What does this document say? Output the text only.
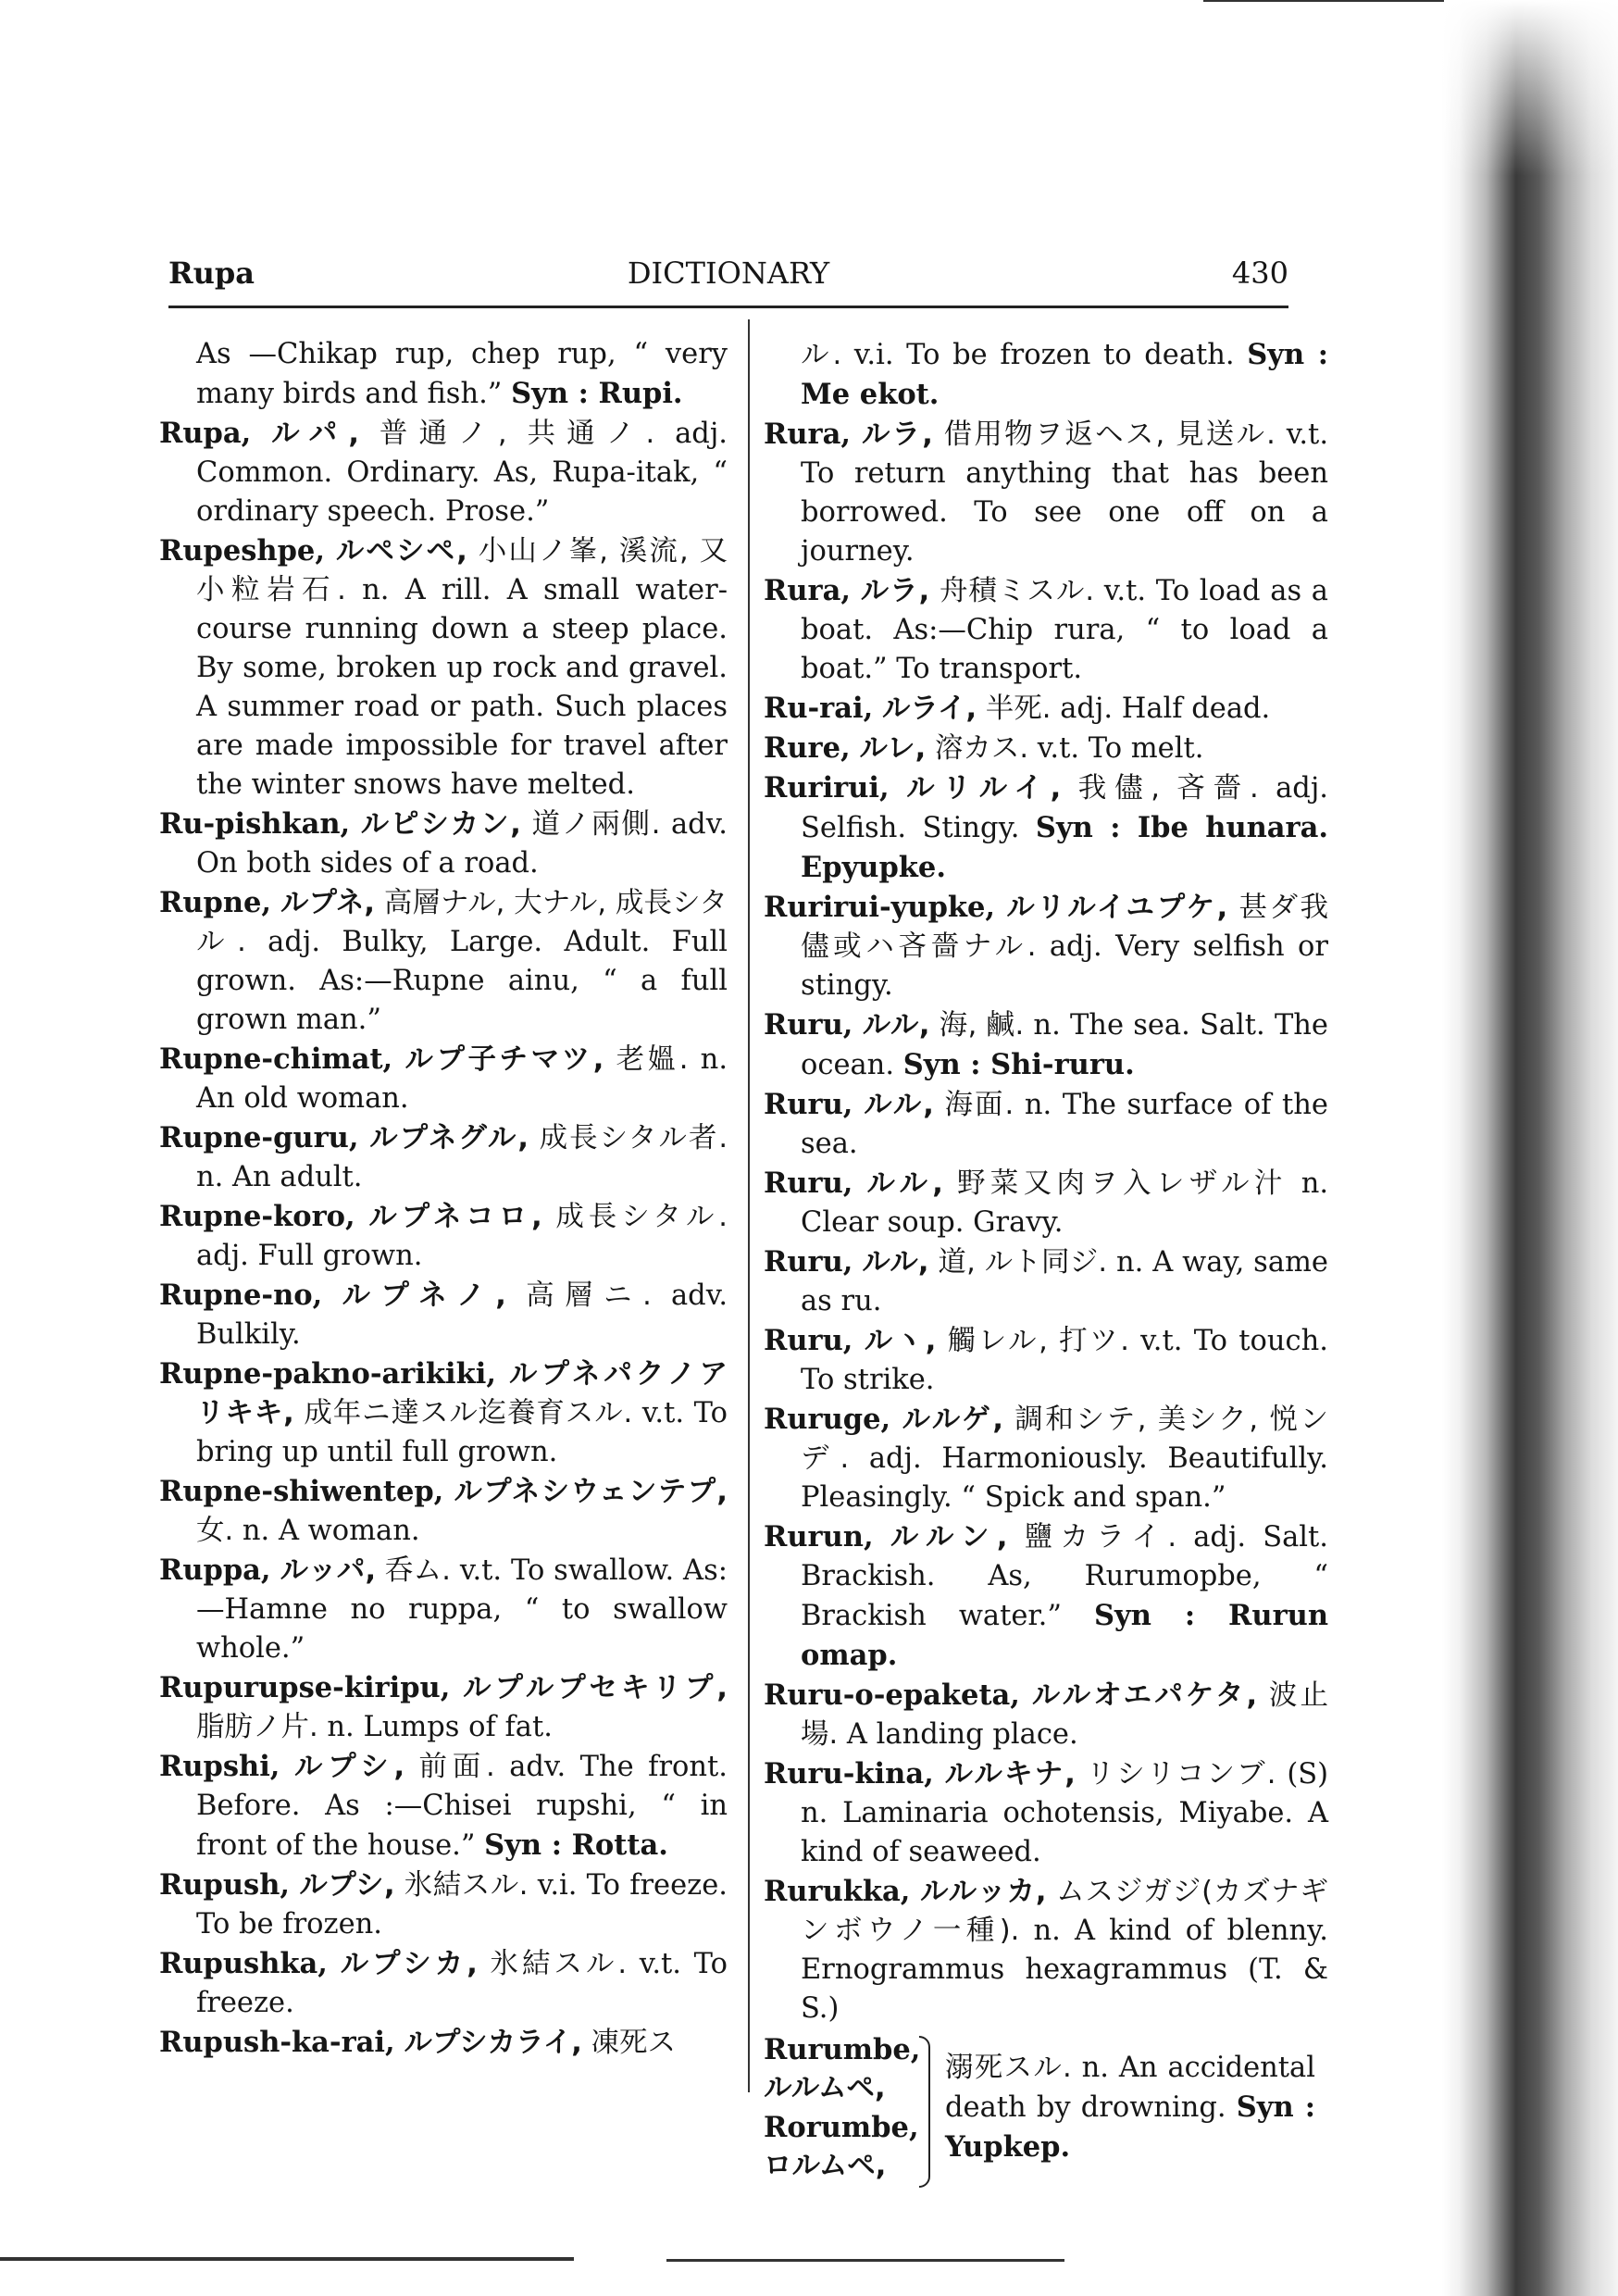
Rupa	DICTIONARY	430

As —Chikap rup, chep rup, “ very many birds and fish.” Syn : Rupi.

Rupa, ルパ, 普通ノ, 共通ノ. adj. Common. Ordinary. As, Rupa-itak, “ ordinary speech. Prose.”

Rupeshpe, ルペシペ, 小山ノ峯, 溪流, 又小粒岩石. n. A rill. A small water-course running down a steep place. By some, broken up rock and gravel. A summer road or path. Such places are made impossible for travel after the winter snows have melted.

Ru-pishkan, ルピシカン, 道ノ兩側. adv. On both sides of a road.

Rupne, ルプネ, 高層ナル, 大ナル, 成長シタル. adj. Bulky, Large. Adult. Full grown. As:—Rupne ainu, “ a full grown man.”

Rupne-chimat, ルプ子チマツ, 老媼. n. An old woman.

Rupne-guru, ルプネグル, 成長シタル者. n. An adult.

Rupne-koro, ルプネコロ, 成長シタル. adj. Full grown.

Rupne-no, ルプネノ, 高層ニ. adv. Bulkily.

Rupne-pakno-arikiki, ルプネパクノアリキキ, 成年ニ達スル迄養育スル. v.t. To bring up until full grown.

Rupne-shiwentep, ルプネシウェンテプ, 女. n. A woman.

Ruppa, ルッパ, 呑ム. v.t. To swallow. As:—Hamne no ruppa, “ to swallow whole.”

Rupurupse-kiripu, ルプルプセキリプ, 脂肪ノ片. n. Lumps of fat.

Rupshi, ルプシ, 前面. adv. The front. Before. As :—Chisei rupshi, “ in front of the house.” Syn : Rotta.

Rupush, ルプシ, 氷結スル. v.i. To freeze. To be frozen.

Rupushka, ルプシカ, 氷結スル. v.t. To freeze.

Rupush-ka-rai, ルプシカライ, 凍死ス

ル. v.i. To be frozen to death. Syn : Me ekot.

Rura, ルラ, 借用物ヲ返ヘス, 見送ル. v.t. To return anything that has been borrowed. To see one off on a journey.

Rura, ルラ, 舟積ミスル. v.t. To load as a boat. As:—Chip rura, “ to load a boat.” To transport.

Ru-rai, ルライ, 半死. adj. Half dead.

Rure, ルレ, 溶カス. v.t. To melt.

Rurirui, ルリルイ, 我儘, 吝嗇. adj. Selfish. Stingy. Syn : Ibe hunara. Epyupke.

Rurirui-yupke, ルリルイユプケ, 甚ダ我儘或ハ吝嗇ナル. adj. Very selfish or stingy.

Ruru, ルル, 海, 鹹. n. The sea. Salt. The ocean. Syn : Shi-ruru.

Ruru, ルル, 海面. n. The surface of the sea.

Ruru, ルル, 野菜又肉ヲ入レザル汁 n. Clear soup. Gravy.

Ruru, ルル, 道, ルト同ジ. n. A way, same as ru.

Ruru, ルヽ, 觸レル, 打ツ. v.t. To touch. To strike.

Ruruge, ルルゲ, 調和シテ, 美シク, 悦ンデ. adj. Harmoniously. Beautifully. Pleasingly. “ Spick and span.”

Rurun, ルルン, 鹽カライ. adj. Salt. Brackish. As, Rurumopbe, “ Brackish water.” Syn : Rurun omap.

Ruru-o-epaketa, ルルオエパケタ, 波止場. A landing place.

Ruru-kina, ルルキナ, リシリコンブ. (S) n. Laminaria ochotensis, Miyabe. A kind of seaweed.

Rurukka, ルルッカ, ムスジガジ(カズナギンボウノ一種). n. A kind of blenny. Ernogrammus hexagrammus (T. & S.)

Rurumbe,
ルルムペ,
Rorumbe,
ロルムペ,
溺死スル. n. An accidental death by drowning. Syn : Yupkep.
